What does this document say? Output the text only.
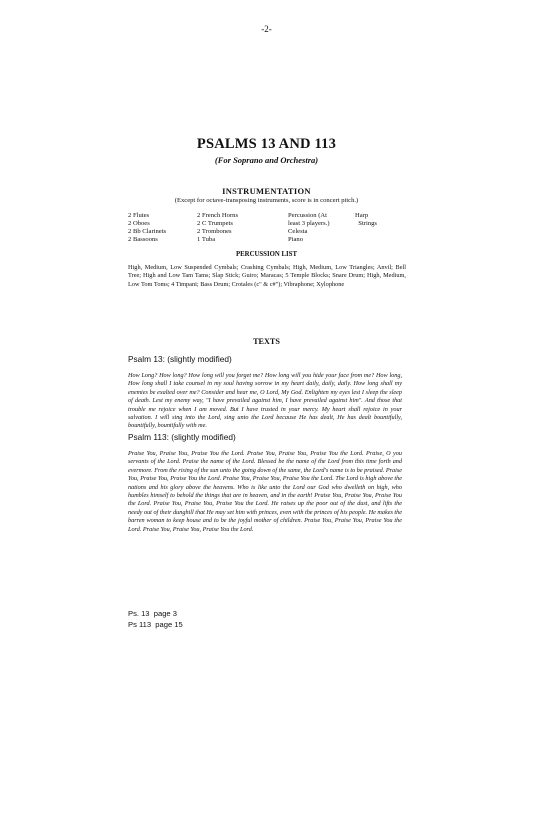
-2-
PSALMS 13 AND 113
(For Soprano and Orchestra)
INSTRUMENTATION
(Except for octave-transposing instruments, score is in concert pitch.)
2 Flutes
2 Oboes
2 Bb Clarinets
2 Bassoons
2 French Horns
2 C Trumpets
2 Trombones
1 Tuba
Percussion (At
least 3 players.)
Celesta
Piano
Harp
Strings
PERCUSSION LIST
High, Medium, Low Suspended Cymbals; Crashing Cymbals; High, Medium, Low Triangles; Anvil; Bell Tree; High and Low Tam Tams; Slap Stick; Guiro; Maracas; 5 Temple Blocks; Snare Drum; High, Medium, Low Tom Toms; 4 Timpani; Bass Drum; Crotales (c" & c#"); Vibraphone; Xylophone
TEXTS
Psalm 13: (slightly modified)
How Long? How long? How long will you forget me? How long will you hide your face from me? How long, How long shall I take counsel in my soul having sorrow in my heart daily, daily, daily. How long shall my enemies be exalted over me? Consider and hear me, O Lord, My God. Enlighten my eyes lest I sleep the sleep of death. Lest my enemy way, "I have prevailed against him, I have prevailed against him". And those that trouble me rejoice when I am moved. But I have trusted in your mercy. My heart shall rejoice in your salvation. I will sing into the Lord, sing unto the Lord because He has dealt, He has dealt bountifully, bountifully, bountifully with me.
Psalm 113: (slightly modified)
Praise You, Praise You, Praise You the Lord. Praise You, Praise You, Praise You the Lord. Praise, O you servants of the Lord. Praise the name of the Lord. Blessed be the name of the Lord from this time forth and evermore. From the rising of the sun unto the going down of the same, the Lord's name is to be praised. Praise You, Praise You, Praise You the Lord. Praise You, Praise You, Praise You the Lord. The Lord is high above the nations and his glory above the heavens. Who is like unto the Lord our God who dwelleth on high, who humbles himself to behold the things that are in heaven, and in the earth! Praise You, Praise You, Praise You the Lord. Praise You, Praise You, Praise You the Lord. He raises up the poor out of the dust, and lifts the needy out of their dunghill that He may set him with princes, even with the princes of his people. He makes the barren woman to keep house and to be the joyful mother of children. Praise You, Praise You, Praise You the Lord. Praise You, Praise You, Praise You the Lord.
Ps. 13  page 3
Ps 113  page 15
